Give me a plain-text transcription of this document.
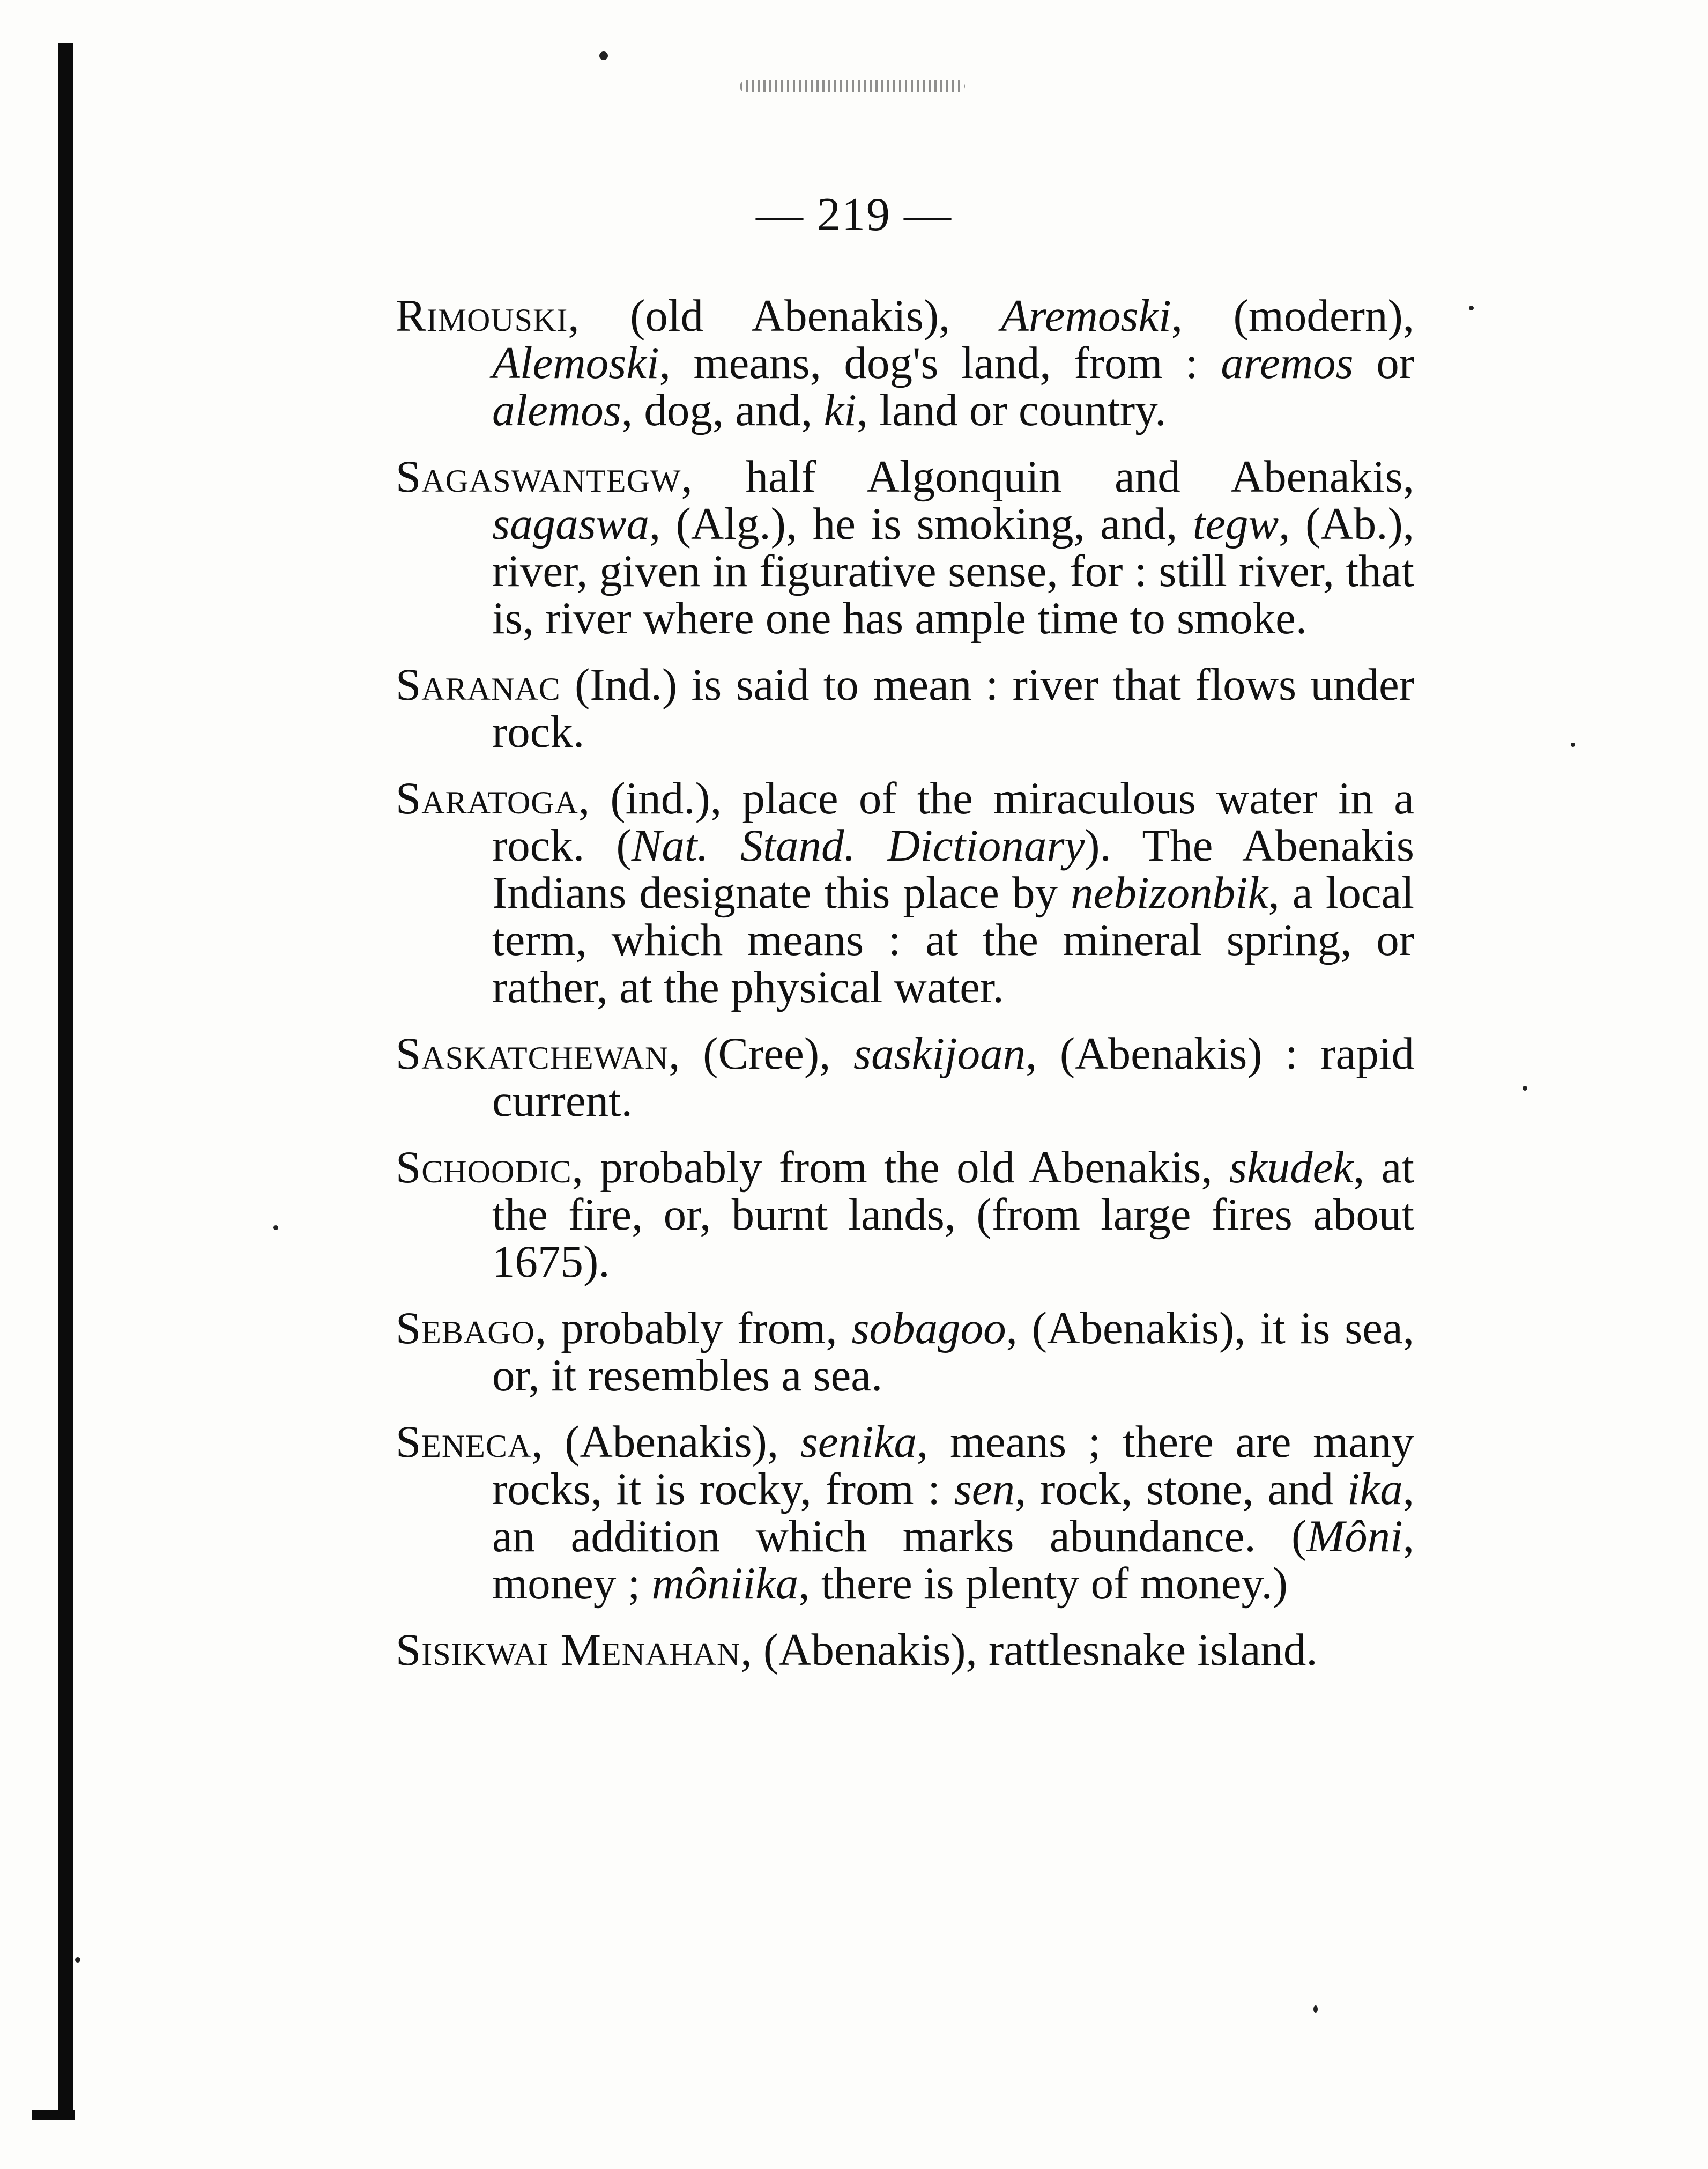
— 219 —

Rimouski, (old Abenakis), Aremoski, (modern), Alemoski, means, dog's land, from : aremos or alemos, dog, and, ki, land or country.

Sagaswantegw, half Algonquin and Abenakis, sagaswa, (Alg.), he is smoking, and, tegw, (Ab.), river, given in figurative sense, for : still river, that is, river where one has ample time to smoke.

Saranac (Ind.) is said to mean : river that flows under rock.

Saratoga, (ind.), place of the miraculous water in a rock. (Nat. Stand. Dictionary). The Abenakis Indians designate this place by nebizonbik, a local term, which means : at the mineral spring, or rather, at the physical water.

Saskatchewan, (Cree), saskijoan, (Abenakis) : rapid current.

Schoodic, probably from the old Abenakis, skudek, at the fire, or, burnt lands, (from large fires about 1675).

Sebago, probably from, sobagoo, (Abenakis), it is sea, or, it resembles a sea.

Seneca, (Abenakis), senika, means ; there are many rocks, it is rocky, from : sen, rock, stone, and ika, an addition which marks abundance. (Môni, money ; môniika, there is plenty of money.)

Sisikwai Menahan, (Abenakis), rattlesnake island.
